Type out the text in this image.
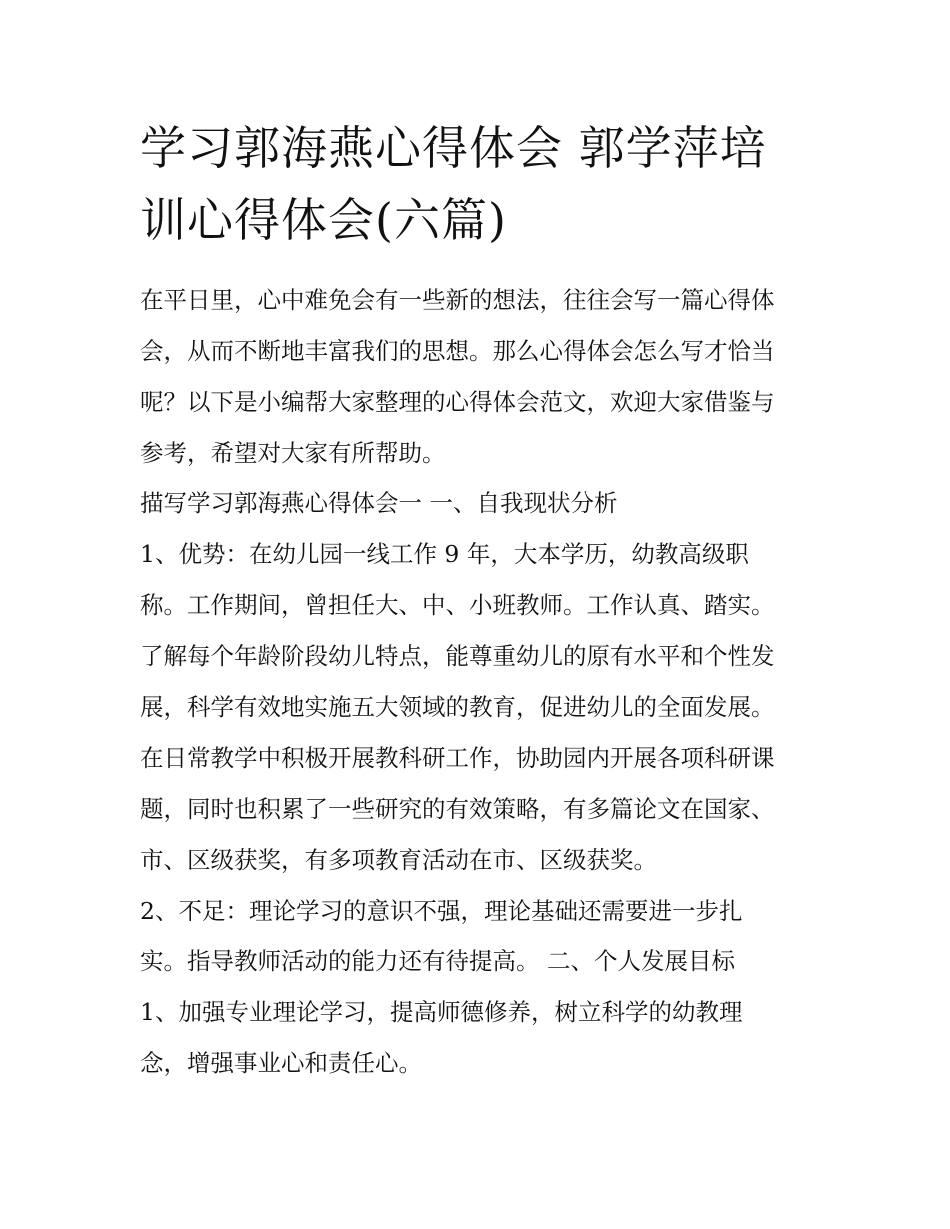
学习郭海燕心得体会 郭学萍培
训心得体会(六篇)

在平日里，心中难免会有一些新的想法，往往会写一篇心得体

会，从而不断地丰富我们的思想。那么心得体会怎么写才恰当

呢？以下是小编帮大家整理的心得体会范文，欢迎大家借鉴与

参考，希望对大家有所帮助。

描写学习郭海燕心得体会一 一、自我现状分析

1、优势：在幼儿园一线工作 9 年，大本学历，幼教高级职

称。工作期间，曾担任大、中、小班教师。工作认真、踏实。

了解每个年龄阶段幼儿特点，能尊重幼儿的原有水平和个性发

展，科学有效地实施五大领域的教育，促进幼儿的全面发展。

在日常教学中积极开展教科研工作，协助园内开展各项科研课

题，同时也积累了一些研究的有效策略，有多篇论文在国家、

市、区级获奖，有多项教育活动在市、区级获奖。

2、不足：理论学习的意识不强，理论基础还需要进一步扎

实。指导教师活动的能力还有待提高。 二、个人发展目标

1、加强专业理论学习，提高师德修养，树立科学的幼教理

念，增强事业心和责任心。
